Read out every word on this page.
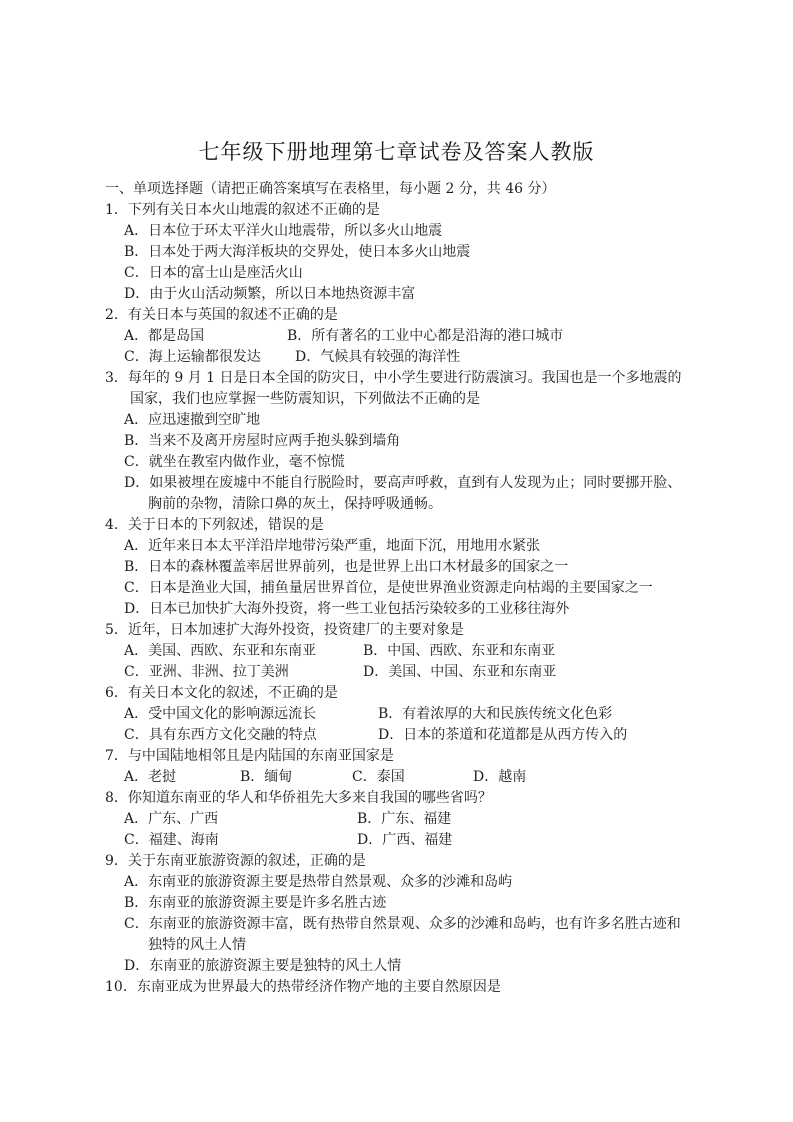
七年级下册地理第七章试卷及答案人教版
一、单项选择题（请把正确答案填写在表格里，每小题 2 分，共 46 分）
1．下列有关日本火山地震的叙述不正确的是
A．日本位于环太平洋火山地震带，所以多火山地震
B．日本处于两大海洋板块的交界处，使日本多火山地震
C．日本的富士山是座活火山
D．由于火山活动频繁，所以日本地热资源丰富
2．有关日本与英国的叙述不正确的是
A．都是岛国	B．所有著名的工业中心都是沿海的港口城市
C．海上运输都很发达 D．气候具有较强的海洋性
3．每年的 9 月 1 日是日本全国的防灾日，中小学生要进行防震演习。我国也是一个多地震的
国家，我们也应掌握一些防震知识，下列做法不正确的是
A．应迅速撤到空旷地
B．当来不及离开房屋时应两手抱头躲到墙角
C．就坐在教室内做作业，毫不惊慌
D．如果被埋在废墟中不能自行脱险时，要高声呼救，直到有人发现为止；同时要挪开脸、
胸前的杂物，清除口鼻的灰土，保持呼吸通畅。
4．关于日本的下列叙述，错误的是
A．近年来日本太平洋沿岸地带污染严重，地面下沉，用地用水紧张
B．日本的森林覆盖率居世界前列，也是世界上出口木材最多的国家之一
C．日本是渔业大国，捕鱼量居世界首位，是使世界渔业资源走向枯竭的主要国家之一
D．日本已加快扩大海外投资，将一些工业包括污染较多的工业移往海外
5．近年，日本加速扩大海外投资，投资建厂的主要对象是
A．美国、西欧、东亚和东南亚	B．中国、西欧、东亚和东南亚
C．亚洲、非洲、拉丁美洲	D．美国、中国、东亚和东南亚
6．有关日本文化的叙述，不正确的是
A．受中国文化的影响源远流长	B．有着浓厚的大和民族传统文化色彩
C．具有东西方文化交融的特点	D．日本的茶道和花道都是从西方传入的
7．与中国陆地相邻且是内陆国的东南亚国家是
A．老挝	B．缅甸	C．泰国	D．越南
8．你知道东南亚的华人和华侨祖先大多来自我国的哪些省吗？
A．广东、广西	B．广东、福建
C．福建、海南	D．广西、福建
9．关于东南亚旅游资源的叙述，正确的是
A．东南亚的旅游资源主要是热带自然景观、众多的沙滩和岛屿
B．东南亚的旅游资源主要是许多名胜古迹
C．东南亚的旅游资源丰富，既有热带自然景观、众多的沙滩和岛屿，也有许多名胜古迹和
独特的风土人情
D．东南亚的旅游资源主要是独特的风土人情
10．东南亚成为世界最大的热带经济作物产地的主要自然原因是
